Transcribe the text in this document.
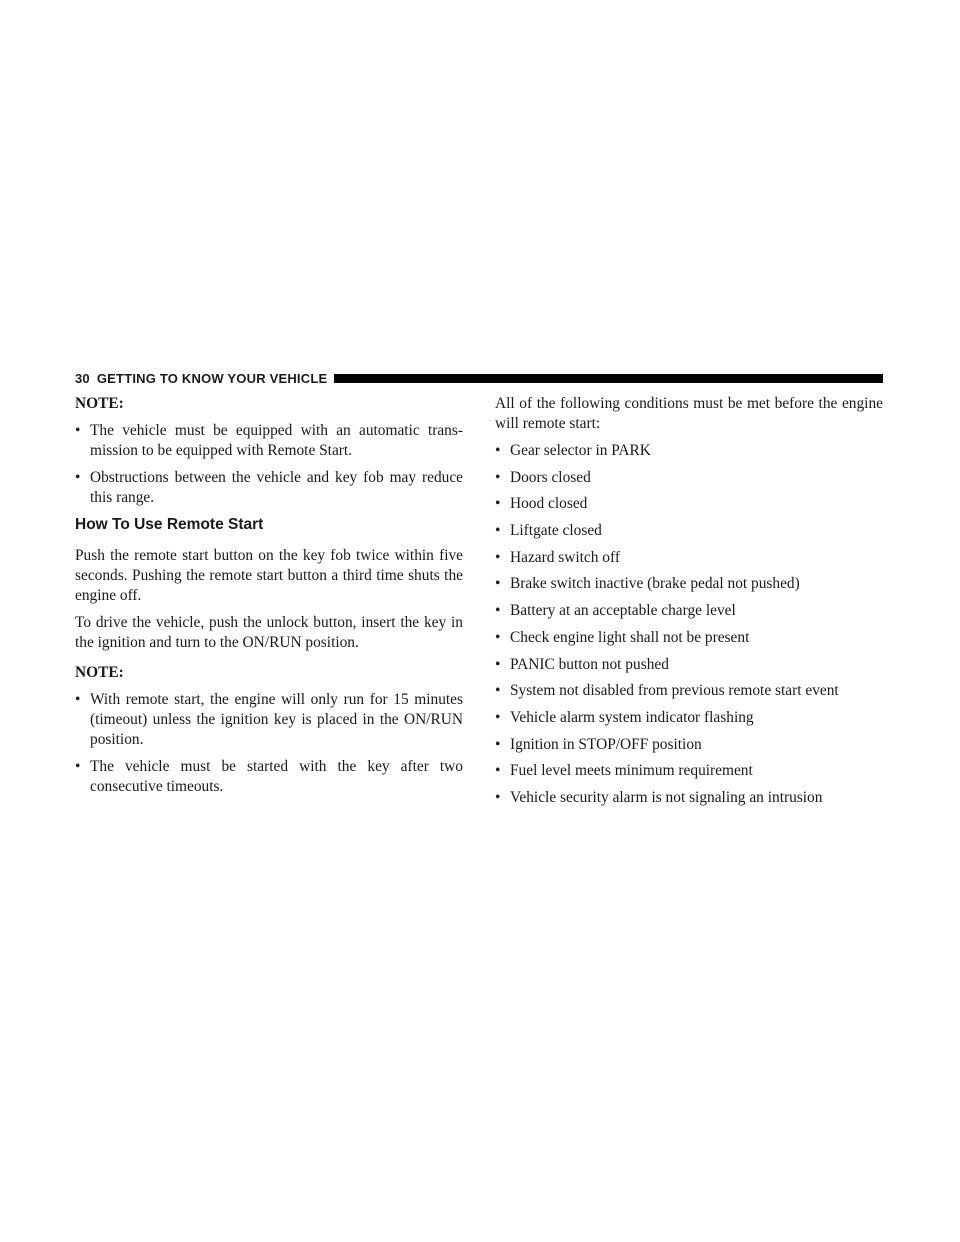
30 GETTING TO KNOW YOUR VEHICLE

NOTE:

• The vehicle must be equipped with an automatic trans- mission to be equipped with Remote Start.
• Obstructions between the vehicle and key fob may reduce this range.
How To Use Remote Start

Push the remote start button on the key fob twice within five seconds. Pushing the remote start button a third time shuts the engine off.

To drive the vehicle, push the unlock button, insert the key in the ignition and turn to the ON/RUN position.

NOTE:

• With remote start, the engine will only run for 15 minutes (timeout) unless the ignition key is placed in the ON/RUN position.
• The vehicle must be started with the key after two consecutive timeouts.

All of the following conditions must be met before the engine will remote start:

• Gear selector in PARK
• Doors closed
• Hood closed
• Liftgate closed
• Hazard switch off
• Brake switch inactive (brake pedal not pushed)
• Battery at an acceptable charge level
• Check engine light shall not be present
• PANIC button not pushed
• System not disabled from previous remote start event
• Vehicle alarm system indicator flashing
• Ignition in STOP/OFF position
• Fuel level meets minimum requirement
• Vehicle security alarm is not signaling an intrusion
